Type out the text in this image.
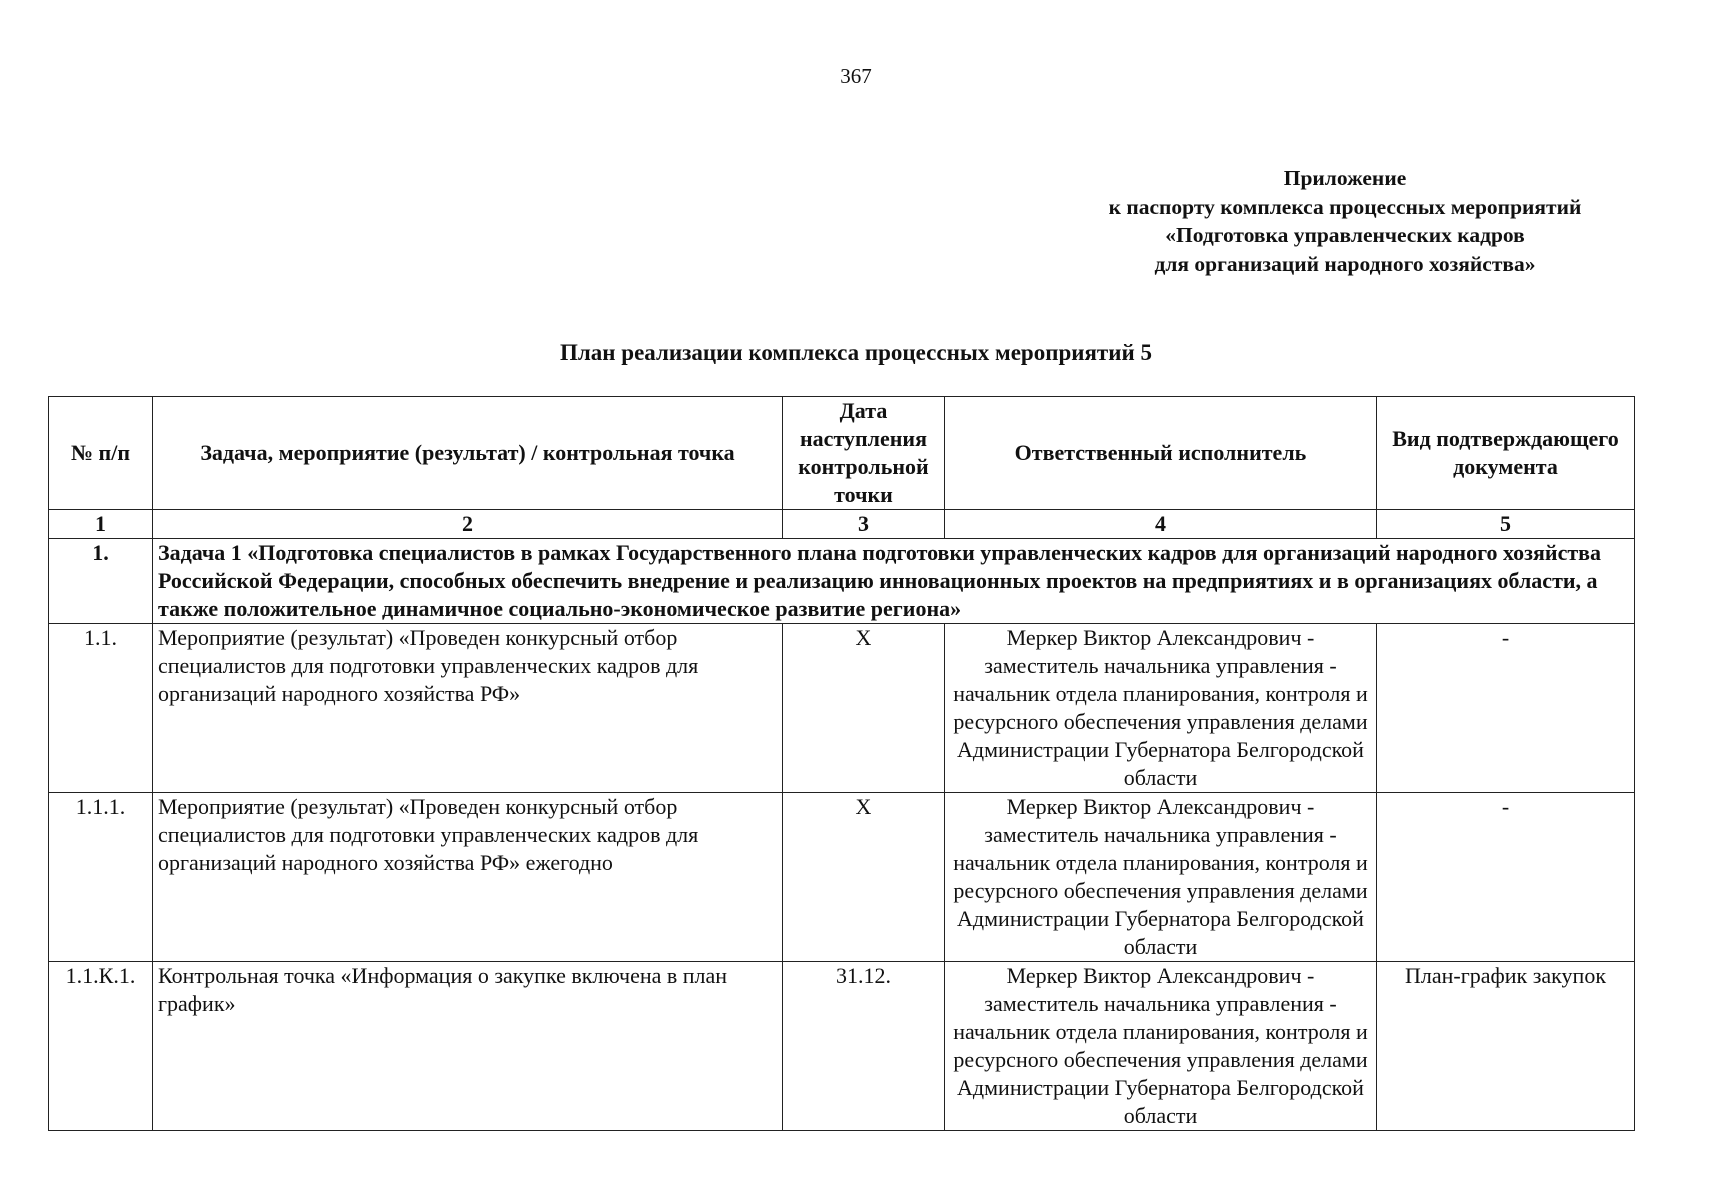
367
Приложение
к паспорту комплекса процессных мероприятий
«Подготовка управленческих кадров
для организаций народного хозяйства»
План реализации комплекса процессных мероприятий 5
№ п/п	Задача, мероприятие (результат) / контрольная точка	Дата наступления контрольной точки	Ответственный исполнитель	Вид подтверждающего документа
1	2	3	4	5
1.	Задача 1 «Подготовка специалистов в рамках Государственного плана подготовки управленческих кадров для организаций народного хозяйства Российской Федерации, способных обеспечить внедрение и реализацию инновационных проектов на предприятиях и в организациях области, а также положительное динамичное социально-экономическое развитие региона»			
1.1.	Мероприятие (результат) «Проведен конкурсный отбор специалистов для подготовки управленческих кадров для организаций народного хозяйства РФ»	X	Меркер Виктор Александрович - заместитель начальника управления - начальник отдела планирования, контроля и ресурсного обеспечения управления делами Администрации Губернатора Белгородской области	-
1.1.1.	Мероприятие (результат) «Проведен конкурсный отбор специалистов для подготовки управленческих кадров для организаций народного хозяйства РФ» ежегодно	X	Меркер Виктор Александрович - заместитель начальника управления - начальник отдела планирования, контроля и ресурсного обеспечения управления делами Администрации Губернатора Белгородской области	-
1.1.К.1.	Контрольная точка «Информация о закупке включена в план график»	31.12.	Меркер Виктор Александрович - заместитель начальника управления - начальник отдела планирования, контроля и ресурсного обеспечения управления делами Администрации Губернатора Белгородской области	План-график закупок
